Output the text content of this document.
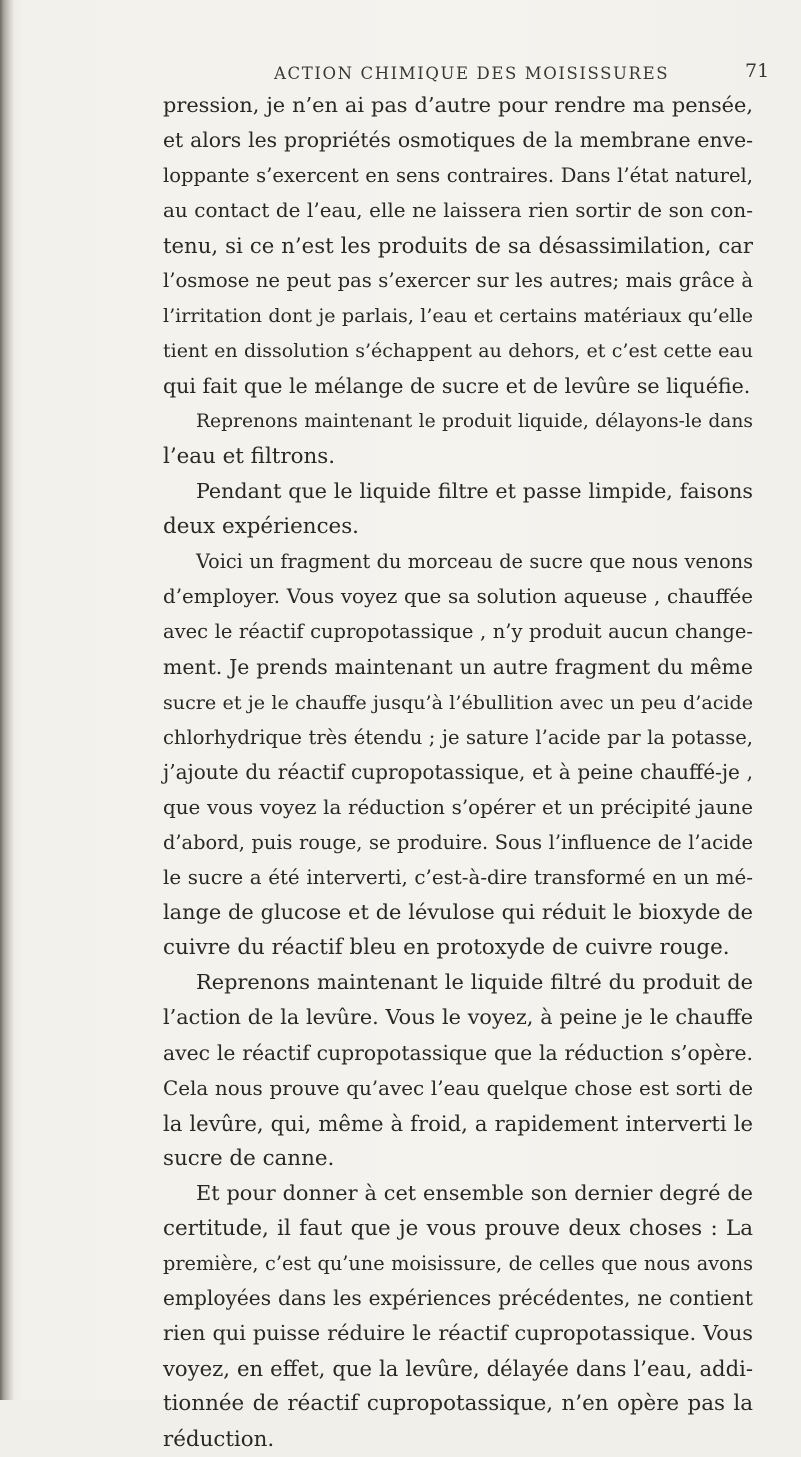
ACTION CHIMIQUE DES MOISISSURES	71
pression, je n’en ai pas d’autre pour rendre ma pensée,
et alors les propriétés osmotiques de la membrane enve-
loppante s’exercent en sens contraires. Dans l’état naturel,
au contact de l’eau, elle ne laissera rien sortir de son con-
tenu, si ce n’est les produits de sa désassimilation, car
l’osmose ne peut pas s’exercer sur les autres; mais grâce à
l’irritation dont je parlais, l’eau et certains matériaux qu’elle
tient en dissolution s’échappent au dehors, et c’est cette eau
qui fait que le mélange de sucre et de levûre se liquéfie.
Reprenons maintenant le produit liquide, délayons-le dans
l’eau et filtrons.
Pendant que le liquide filtre et passe limpide, faisons
deux expériences.
Voici un fragment du morceau de sucre que nous venons
d’employer. Vous voyez que sa solution aqueuse , chauffée
avec le réactif cupropotassique , n’y produit aucun change-
ment. Je prends maintenant un autre fragment du même
sucre et je le chauffe jusqu’à l’ébullition avec un peu d’acide
chlorhydrique très étendu ; je sature l’acide par la potasse,
j’ajoute du réactif cupropotassique, et à peine chauffé-je ,
que vous voyez la réduction s’opérer et un précipité jaune
d’abord, puis rouge, se produire. Sous l’influence de l’acide
le sucre a été interverti, c’est-à-dire transformé en un mé-
lange de glucose et de lévulose qui réduit le bioxyde de
cuivre du réactif bleu en protoxyde de cuivre rouge.
Reprenons maintenant le liquide filtré du produit de
l’action de la levûre. Vous le voyez, à peine je le chauffe
avec le réactif cupropotassique que la réduction s’opère.
Cela nous prouve qu’avec l’eau quelque chose est sorti de
la levûre, qui, même à froid, a rapidement interverti le
sucre de canne.
Et pour donner à cet ensemble son dernier degré de
certitude, il faut que je vous prouve deux choses : La
première, c’est qu’une moisissure, de celles que nous avons
employées dans les expériences précédentes, ne contient
rien qui puisse réduire le réactif cupropotassique. Vous
voyez, en effet, que la levûre, délayée dans l’eau, addi-
tionnée de réactif cupropotassique, n’en opère pas la
réduction.
